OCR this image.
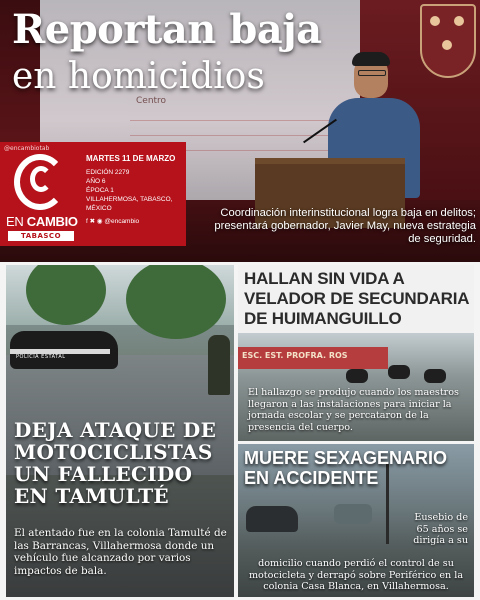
Centro
Reportan baja
en homicidios
Coordinación interinstitucional logra baja en delitos; presentará gobernador, Javier May, nueva estrategia de seguridad.
@encambiotab
EN CAMBIO
TABASCO
MARTES 11 DE MARZO
EDICIÓN 2279
AÑO 6
ÉPOCA 1
VILLAHERMOSA, TABASCO,
MÉXICO
f ✖ ◉ @encambio
POLICÍA ESTATAL
DEJA ATAQUE DE MOTOCICLISTAS UN FALLECIDO EN TAMULTÉ
El atentado fue en la colonia Tamulté de las Barrancas, Villahermosa donde un vehículo fue alcanzado por varios impactos de bala.
HALLAN SIN VIDA A VELADOR DE SECUNDARIA DE HUIMANGUILLO
ESC. EST. PROFRA. ROS
El hallazgo se produjo cuando los maestros llegaron a las instalaciones para iniciar la jornada escolar y se percataron de la presencia del cuerpo.
MUERE SEXAGENARIO EN ACCIDENTE
Eusebio de 65 años se dirigía a su
domicilio cuando perdió el control de su motocicleta y derrapó sobre Periférico en la colonia Casa Blanca, en Villahermosa.
